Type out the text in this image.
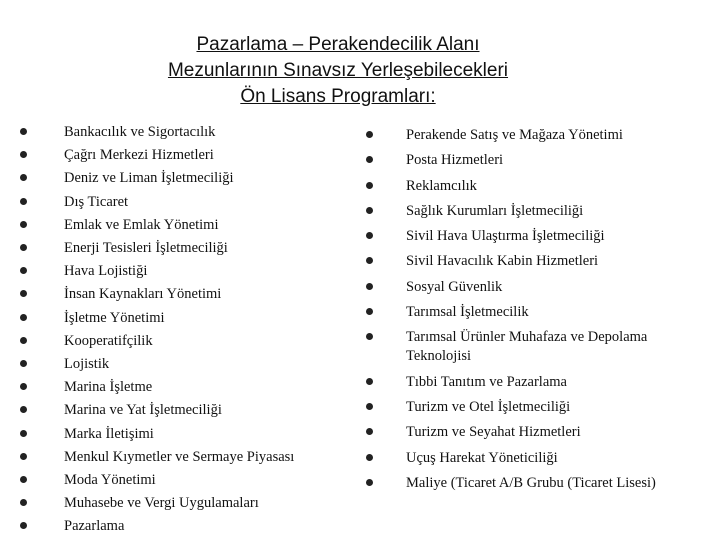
Pazarlama – Perakendecilik Alanı
Mezunlarının Sınavsız Yerleşebilecekleri
Ön Lisans Programları:
Bankacılık ve Sigortacılık
Çağrı Merkezi Hizmetleri
Deniz ve Liman İşletmeciliği
Dış Ticaret
Emlak ve Emlak Yönetimi
Enerji Tesisleri İşletmeciliği
Hava Lojistiği
İnsan Kaynakları Yönetimi
İşletme Yönetimi
Kooperatifçilik
Lojistik
Marina İşletme
Marina ve Yat İşletmeciliği
Marka İletişimi
Menkul Kıymetler ve Sermaye Piyasası
Moda Yönetimi
Muhasebe ve Vergi Uygulamaları
Pazarlama
Perakende Satış ve Mağaza Yönetimi
Posta Hizmetleri
Reklamcılık
Sağlık Kurumları İşletmeciliği
Sivil Hava Ulaştırma İşletmeciliği
Sivil Havacılık Kabin Hizmetleri
Sosyal Güvenlik
Tarımsal İşletmecilik
Tarımsal Ürünler Muhafaza ve Depolama Teknolojisi
Tıbbi Tanıtım ve Pazarlama
Turizm ve Otel İşletmeciliği
Turizm ve Seyahat Hizmetleri
Uçuş Harekat Yöneticiliği
Maliye (Ticaret A/B Grubu (Ticaret Lisesi)
